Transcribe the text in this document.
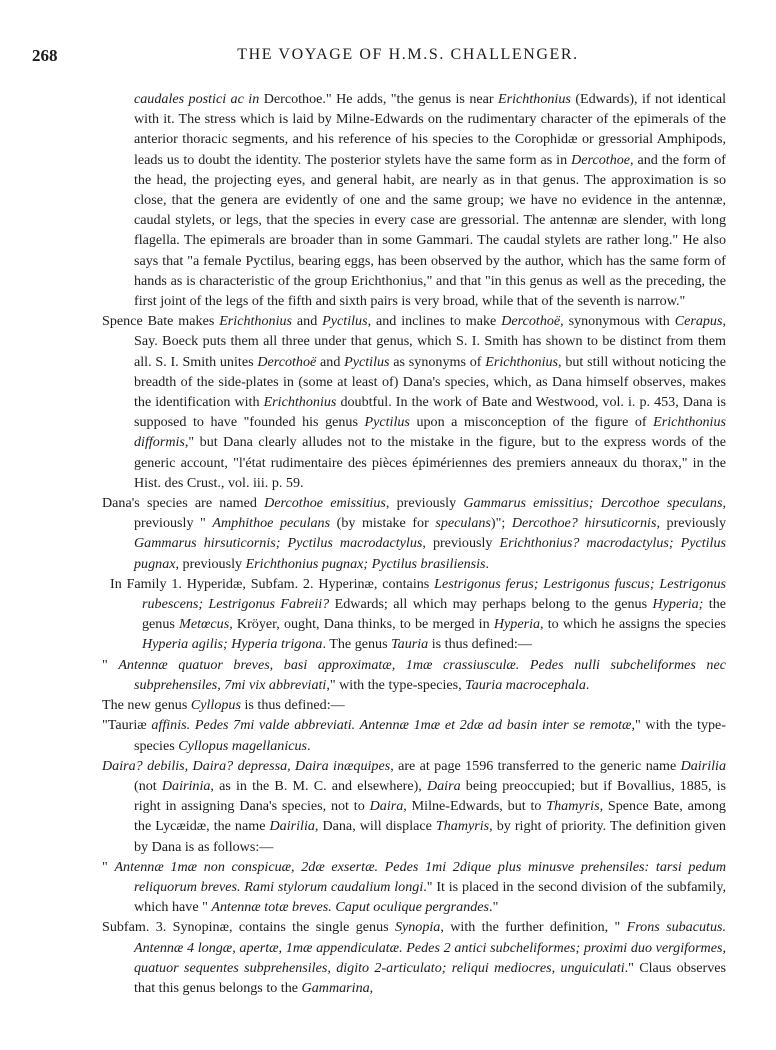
268	THE VOYAGE OF H.M.S. CHALLENGER.

caudales postici ac in Dercothoe." He adds, "the genus is near Erichthonius (Edwards), if not identical with it. The stress which is laid by Milne-Edwards on the rudimentary character of the epimerals of the anterior thoracic segments, and his reference of his species to the Corophidæ or gressorial Amphipods, leads us to doubt the identity. The posterior stylets have the same form as in Dercothoe, and the form of the head, the projecting eyes, and general habit, are nearly as in that genus. The approximation is so close, that the genera are evidently of one and the same group; we have no evidence in the antennæ, caudal stylets, or legs, that the species in every case are gressorial. The antennæ are slender, with long flagella. The epimerals are broader than in some Gammari. The caudal stylets are rather long." He also says that "a female Pyctilus, bearing eggs, has been observed by the author, which has the same form of hands as is characteristic of the group Erichthonius," and that "in this genus as well as the preceding, the first joint of the legs of the fifth and sixth pairs is very broad, while that of the seventh is narrow."

Spence Bate makes Erichthonius and Pyctilus, and inclines to make Dercothoë, synonymous with Cerapus, Say. Boeck puts them all three under that genus, which S. I. Smith has shown to be distinct from them all. S. I. Smith unites Dercothoë and Pyctilus as synonyms of Erichthonius, but still without noticing the breadth of the side-plates in (some at least of) Dana's species, which, as Dana himself observes, makes the identification with Erichthonius doubtful. In the work of Bate and Westwood, vol. i. p. 453, Dana is supposed to have "founded his genus Pyctilus upon a misconception of the figure of Erichthonius difformis," but Dana clearly alludes not to the mistake in the figure, but to the express words of the generic account, "l'état rudimentaire des pièces épimériennes des premiers anneaux du thorax," in the Hist. des Crust., vol. iii. p. 59.

Dana's species are named Dercothoe emissitius, previously Gammarus emissitius; Dercothoe speculans, previously " Amphithoe peculans (by mistake for speculans)"; Dercothoe? hirsuticornis, previously Gammarus hirsuticornis; Pyctilus macrodactylus, previously Erichthonius? macrodactylus; Pyctilus pugnax, previously Erichthonius pugnax; Pyctilus brasiliensis.

In Family 1. Hyperidæ, Subfam. 2. Hyperinæ, contains Lestrigonus ferus; Lestrigonus fuscus; Lestrigonus rubescens; Lestrigonus Fabreii? Edwards; all which may perhaps belong to the genus Hyperia; the genus Metœcus, Kröyer, ought, Dana thinks, to be merged in Hyperia, to which he assigns the species Hyperia agilis; Hyperia trigona. The genus Tauria is thus defined:—

" Antennæ quatuor breves, basi approximatæ, 1mæ crassiusculæ. Pedes nulli subcheliformes nec subprehensiles, 7mi vix abbreviati," with the type-species, Tauria macrocephala.

The new genus Cyllopus is thus defined:—

"Tauriæ affinis. Pedes 7mi valde abbreviati. Antennæ 1mæ et 2dæ ad basin inter se remotæ," with the type-species Cyllopus magellanicus.

Daira? debilis, Daira? depressa, Daira inæquipes, are at page 1596 transferred to the generic name Dairilia (not Dairinia, as in the B. M. C. and elsewhere), Daira being preoccupied; but if Bovallius, 1885, is right in assigning Dana's species, not to Daira, Milne-Edwards, but to Thamyris, Spence Bate, among the Lycæidæ, the name Dairilia, Dana, will displace Thamyris, by right of priority. The definition given by Dana is as follows:—

" Antennæ 1mæ non conspicuæ, 2dæ exsertæ. Pedes 1mi 2dique plus minusve prehensiles: tarsi pedum reliquorum breves. Rami stylorum caudalium longi." It is placed in the second division of the subfamily, which have " Antennæ totæ breves. Caput oculique pergrandes."

Subfam. 3. Synopinæ, contains the single genus Synopia, with the further definition, " Frons subacutus. Antennæ 4 longæ, apertæ, 1mæ appendiculatæ. Pedes 2 antici subcheliformes; proximi duo vergiformes, quatuor sequentes subprehensiles, digito 2-articulato; reliqui mediocres, unguiculati." Claus observes that this genus belongs to the Gammarina,
